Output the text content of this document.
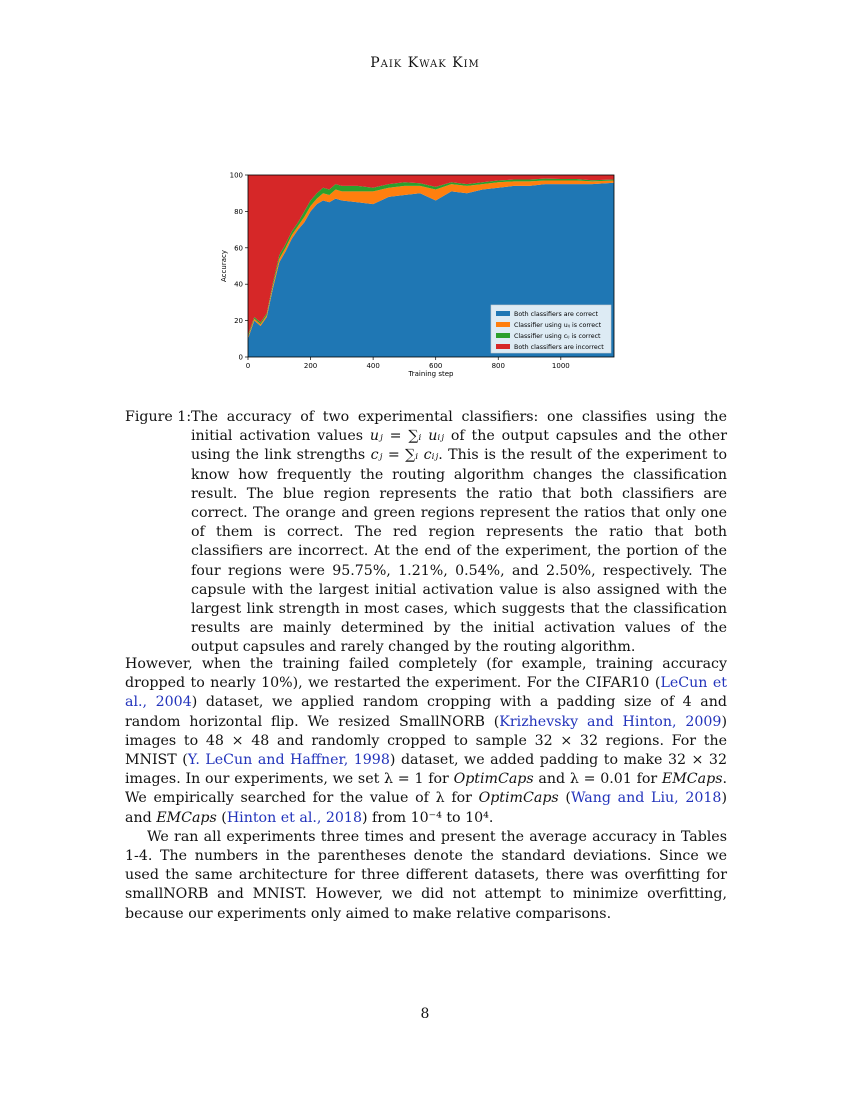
Paik Kwak Kim
0
20
40
60
80
100
0	200	400	600	800	1000
Training step
Accuracy
Both classifiers are correct
Classifier using uᵢⱼ is correct
Classifier using cᵢⱼ is correct
Both classifiers are incorrect
Figure 1: The accuracy of two experimental classifiers: one classifies using the initial activation values uⱼ = ∑ᵢ uᵢⱼ of the output capsules and the other using the link strengths cⱼ = ∑ᵢ cᵢⱼ. This is the result of the experiment to know how frequently the routing algorithm changes the classification result. The blue region represents the ratio that both classifiers are correct. The orange and green regions represent the ratios that only one of them is correct. The red region represents the ratio that both classifiers are incorrect. At the end of the experiment, the portion of the four regions were 95.75%, 1.21%, 0.54%, and 2.50%, respectively. The capsule with the largest initial activation value is also assigned with the largest link strength in most cases, which suggests that the classification results are mainly determined by the initial activation values of the output capsules and rarely changed by the routing algorithm.

However, when the training failed completely (for example, training accuracy dropped to nearly 10%), we restarted the experiment. For the CIFAR10 (LeCun et al., 2004) dataset, we applied random cropping with a padding size of 4 and random horizontal flip. We resized SmallNORB (Krizhevsky and Hinton, 2009) images to 48 × 48 and randomly cropped to sample 32 × 32 regions. For the MNIST (Y. LeCun and Haffner, 1998) dataset, we added padding to make 32 × 32 images. In our experiments, we set λ = 1 for OptimCaps and λ = 0.01 for EMCaps. We empirically searched for the value of λ for OptimCaps (Wang and Liu, 2018) and EMCaps (Hinton et al., 2018) from 10⁻⁴ to 10⁴.

We ran all experiments three times and present the average accuracy in Tables 1-4. The numbers in the parentheses denote the standard deviations. Since we used the same architecture for three different datasets, there was overfitting for smallNORB and MNIST. However, we did not attempt to minimize overfitting, because our experiments only aimed to make relative comparisons.

8
